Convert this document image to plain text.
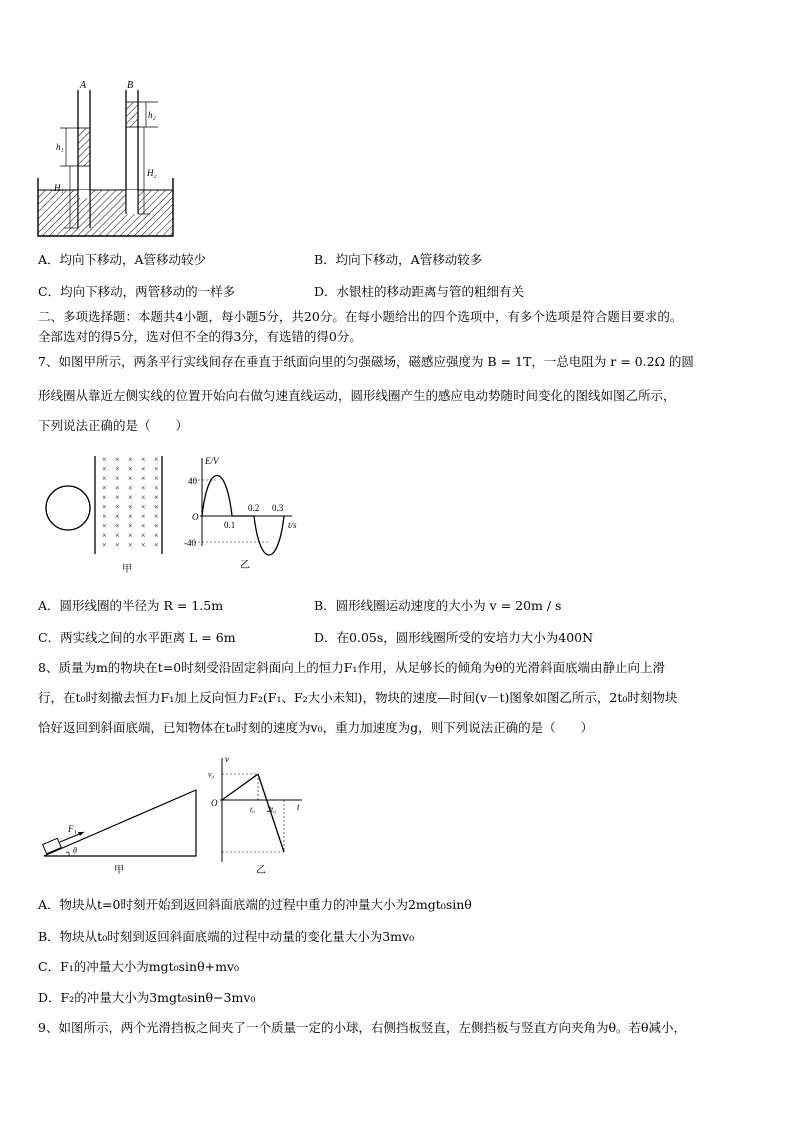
A	B
h₁
h₂
H₁
H₂
A．均向下移动，A管移动较少	B．均向下移动，A管移动较多
C．均向下移动，两管移动的一样多	D．水银柱的移动距离与管的粗细有关
二、多项选择题：本题共4小题，每小题5分，共20分。在每小题给出的四个选项中，有多个选项是符合题目要求的。
全部选对的得5分，选对但不全的得3分，有选错的得0分。
7、如图甲所示，两条平行实线间存在垂直于纸面向里的匀强磁场，磁感应强度为 B = 1T，一总电阻为 r = 0.2Ω 的圆
形线圈从靠近左侧实线的位置开始向右做匀速直线运动，圆形线圈产生的感应电动势随时间变化的图线如图乙所示，
下列说法正确的是（　　）
× × × × ×
× × × × ×
× × × × ×
× × × × ×
× × × × ×
× × × × ×
× × × × ×
× × × × ×
× × × × ×
× × × × ×
甲
E/V
40
-40
O
0.1
0.2 0.3
t/s
乙
A．圆形线圈的半径为 R = 1.5m	B．圆形线圈运动速度的大小为 v = 20m / s
C．两实线之间的水平距离 L = 6m	D．在0.05s，圆形线圈所受的安培力大小为400N
8、质量为m的物块在t=0时刻受沿固定斜面向上的恒力F₁作用，从足够长的倾角为θ的光滑斜面底端由静止向上滑
行，在t₀时刻撤去恒力F₁加上反向恒力F₂(F₁、F₂大小未知)，物块的速度—时间(v－t)图象如图乙所示，2t₀时刻物块
恰好返回到斜面底端，已知物体在t₀时刻的速度为v₀，重力加速度为g，则下列说法正确的是（　　）
F₁
θ
甲
v
v₀
O
t₀ 2t₀ t
乙
A．物块从t=0时刻开始到返回斜面底端的过程中重力的冲量大小为2mgt₀sinθ
B．物块从t₀时刻到返回斜面底端的过程中动量的变化量大小为3mv₀
C．F₁的冲量大小为mgt₀sinθ+mv₀
D．F₂的冲量大小为3mgt₀sinθ−3mv₀
9、如图所示，两个光滑挡板之间夹了一个质量一定的小球，右侧挡板竖直，左侧挡板与竖直方向夹角为θ。若θ减小，
